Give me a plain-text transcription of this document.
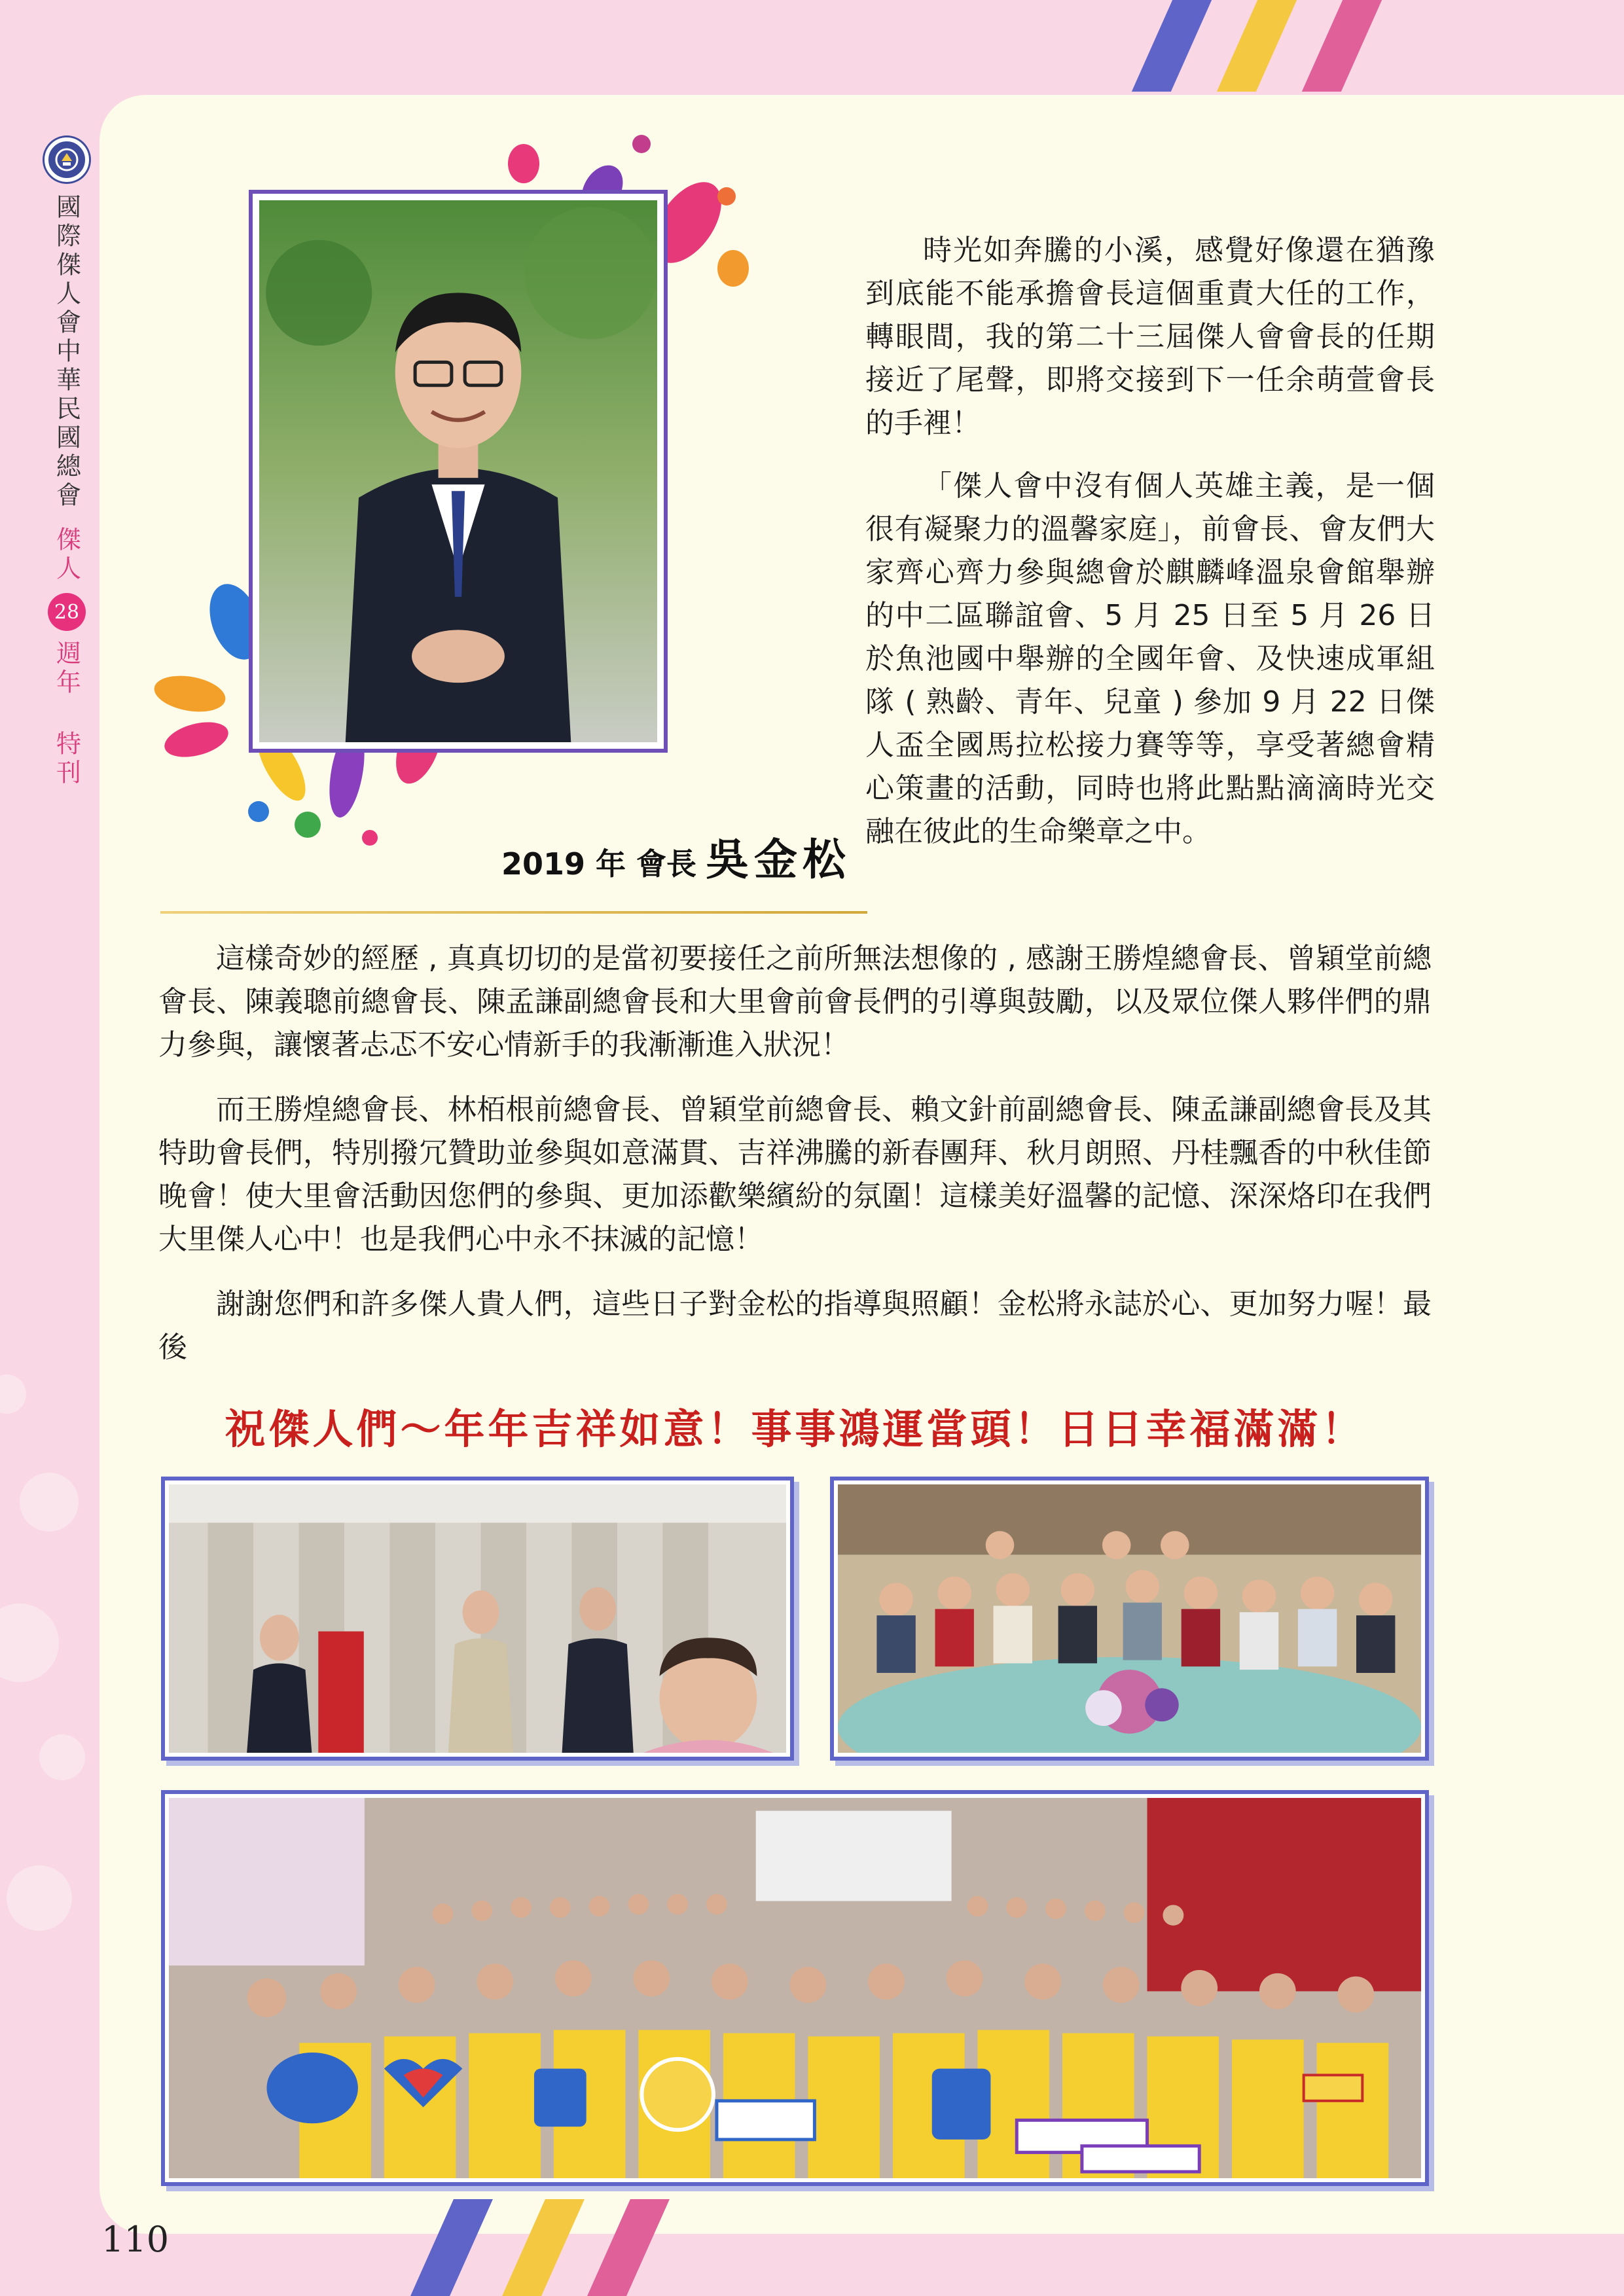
國際傑人會中華民國總會
傑人
28
週年 特刊
2019 年 會長 吳金松

時光如奔騰的小溪，感覺好像還在猶豫到底能不能承擔會長這個重責大任的工作，轉眼間，我的第二十三屆傑人會會長的任期接近了尾聲，即將交接到下一任余萌萱會長的手裡！

「傑人會中沒有個人英雄主義，是一個很有凝聚力的溫馨家庭」，前會長、會友們大家齊心齊力參與總會於麒麟峰溫泉會館舉辦的中二區聯誼會、5 月 25 日至 5 月 26 日於魚池國中舉辦的全國年會、及快速成軍組隊 ( 熟齡、青年、兒童 ) 參加 9 月 22 日傑人盃全國馬拉松接力賽等等，享受著總會精心策畫的活動，同時也將此點點滴滴時光交融在彼此的生命樂章之中。

這樣奇妙的經歷 , 真真切切的是當初要接任之前所無法想像的 , 感謝王勝煌總會長、曾穎堂前總會長、陳義聰前總會長、陳孟謙副總會長和大里會前會長們的引導與鼓勵，以及眾位傑人夥伴們的鼎力參與，讓懷著忐忑不安心情新手的我漸漸進入狀況！

而王勝煌總會長、林栢根前總會長、曾穎堂前總會長、賴文針前副總會長、陳孟謙副總會長及其特助會長們，特別撥冗贊助並參與如意滿貫、吉祥沸騰的新春團拜、秋月朗照、丹桂飄香的中秋佳節晚會！使大里會活動因您們的參與、更加添歡樂繽紛的氛圍！這樣美好溫馨的記憶、深深烙印在我們大里傑人心中！也是我們心中永不抹滅的記憶！

謝謝您們和許多傑人貴人們，這些日子對金松的指導與照顧！金松將永誌於心、更加努力喔！最後

祝傑人們～年年吉祥如意！事事鴻運當頭！日日幸福滿滿！
110
